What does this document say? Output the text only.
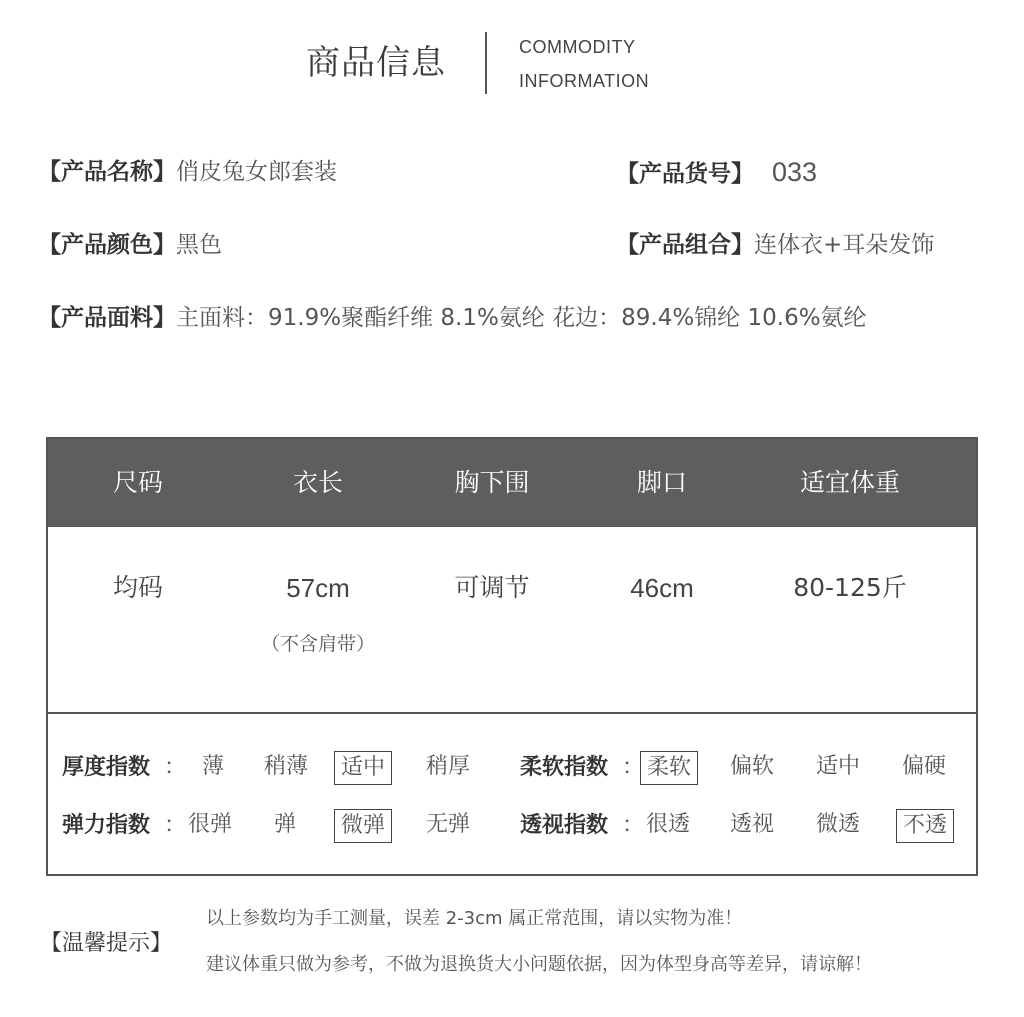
商品信息	COMMODITY
INFORMATION
【产品名称】俏皮兔女郎套装	【产品货号】 033
【产品颜色】黑色	【产品组合】连体衣+耳朵发饰
【产品面料】主面料：91.9%聚酯纤维 8.1%氨纶 花边：89.4%锦纶 10.6%氨纶
尺码	衣长	胸下围	脚口	适宜体重
均码	57cm	可调节	46cm	80-125斤
（不含肩带）
厚度指数 ： 薄 稍薄	适中	稍厚 柔软指数 ： 柔软	偏软 适中 偏硬
弹力指数 ： 很弹 弹	微弹	无弹 透视指数 ： 很透 透视 微透	不透
【温馨提示】
以上参数均为手工测量，误差 2-3cm 属正常范围，请以实物为准！
建议体重只做为参考，不做为退换货大小问题依据，因为体型身高等差异，请谅解！
